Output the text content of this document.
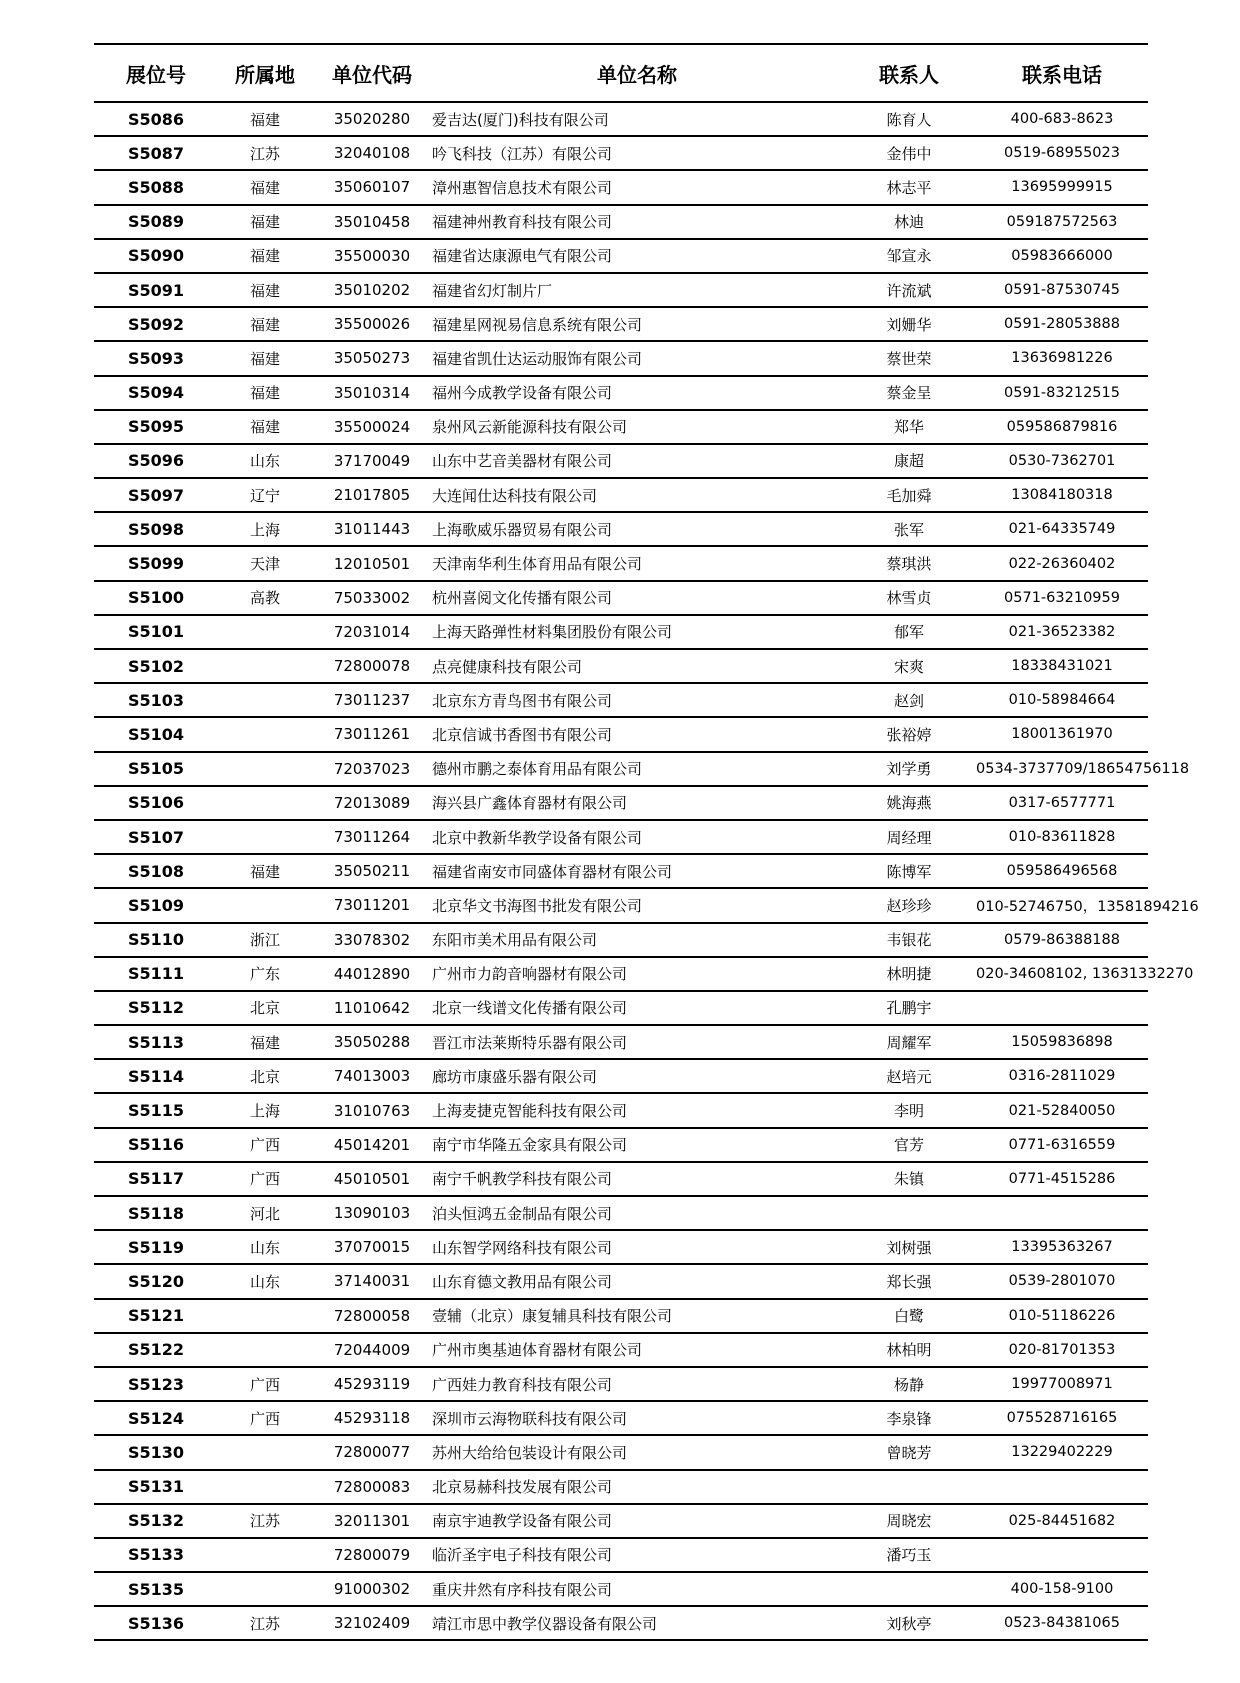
展位号	所属地	单位代码	单位名称	联系人	联系电话
S5086	福建	35020280	爱吉达(厦门)科技有限公司	陈育人	400-683-8623
S5087	江苏	32040108	吟飞科技（江苏）有限公司	金伟中	0519-68955023
S5088	福建	35060107	漳州惠智信息技术有限公司	林志平	13695999915
S5089	福建	35010458	福建神州教育科技有限公司	林迪	059187572563
S5090	福建	35500030	福建省达康源电气有限公司	邹宣永	05983666000
S5091	福建	35010202	福建省幻灯制片厂	许流斌	0591-87530745
S5092	福建	35500026	福建星网视易信息系统有限公司	刘姗华	0591-28053888
S5093	福建	35050273	福建省凯仕达运动服饰有限公司	蔡世荣	13636981226
S5094	福建	35010314	福州今成教学设备有限公司	蔡金呈	0591-83212515
S5095	福建	35500024	泉州风云新能源科技有限公司	郑华	059586879816
S5096	山东	37170049	山东中艺音美器材有限公司	康超	0530-7362701
S5097	辽宁	21017805	大连闻仕达科技有限公司	毛加舜	13084180318
S5098	上海	31011443	上海歌威乐器贸易有限公司	张军	021-64335749
S5099	天津	12010501	天津南华利生体育用品有限公司	蔡琪洪	022-26360402
S5100	高教	75033002	杭州喜阅文化传播有限公司	林雪贞	0571-63210959
S5101		72031014	上海天路弹性材料集团股份有限公司	郁军	021-36523382
S5102		72800078	点亮健康科技有限公司	宋爽	18338431021
S5103		73011237	北京东方青鸟图书有限公司	赵剑	010-58984664
S5104		73011261	北京信诚书香图书有限公司	张裕婷	18001361970
S5105		72037023	德州市鹏之泰体育用品有限公司	刘学勇	0534-3737709/18654756118
S5106		72013089	海兴县广鑫体育器材有限公司	姚海燕	0317-6577771
S5107		73011264	北京中教新华教学设备有限公司	周经理	010-83611828
S5108	福建	35050211	福建省南安市同盛体育器材有限公司	陈博军	059586496568
S5109		73011201	北京华文书海图书批发有限公司	赵珍珍	010-52746750，13581894216
S5110	浙江	33078302	东阳市美术用品有限公司	韦银花	0579-86388188
S5111	广东	44012890	广州市力韵音响器材有限公司	林明捷	020-34608102, 13631332270
S5112	北京	11010642	北京一线谱文化传播有限公司	孔鹏宇	
S5113	福建	35050288	晋江市法莱斯特乐器有限公司	周耀军	15059836898
S5114	北京	74013003	廊坊市康盛乐器有限公司	赵培元	0316-2811029
S5115	上海	31010763	上海麦捷克智能科技有限公司	李明	021-52840050
S5116	广西	45014201	南宁市华隆五金家具有限公司	官芳	0771-6316559
S5117	广西	45010501	南宁千帆教学科技有限公司	朱镇	0771-4515286
S5118	河北	13090103	泊头恒鸿五金制品有限公司		
S5119	山东	37070015	山东智学网络科技有限公司	刘树强	13395363267
S5120	山东	37140031	山东育德文教用品有限公司	郑长强	0539-2801070
S5121		72800058	壹辅（北京）康复辅具科技有限公司	白鹭	010-51186226
S5122		72044009	广州市奥基迪体育器材有限公司	林柏明	020-81701353
S5123	广西	45293119	广西娃力教育科技有限公司	杨静	19977008971
S5124	广西	45293118	深圳市云海物联科技有限公司	李泉锋	075528716165
S5130		72800077	苏州大给给包装设计有限公司	曾晓芳	13229402229
S5131		72800083	北京易赫科技发展有限公司		
S5132	江苏	32011301	南京宇迪教学设备有限公司	周晓宏	025-84451682
S5133		72800079	临沂圣宇电子科技有限公司	潘巧玉	
S5135		91000302	重庆井然有序科技有限公司		400-158-9100
S5136	江苏	32102409	靖江市思中教学仪器设备有限公司	刘秋亭	0523-84381065
